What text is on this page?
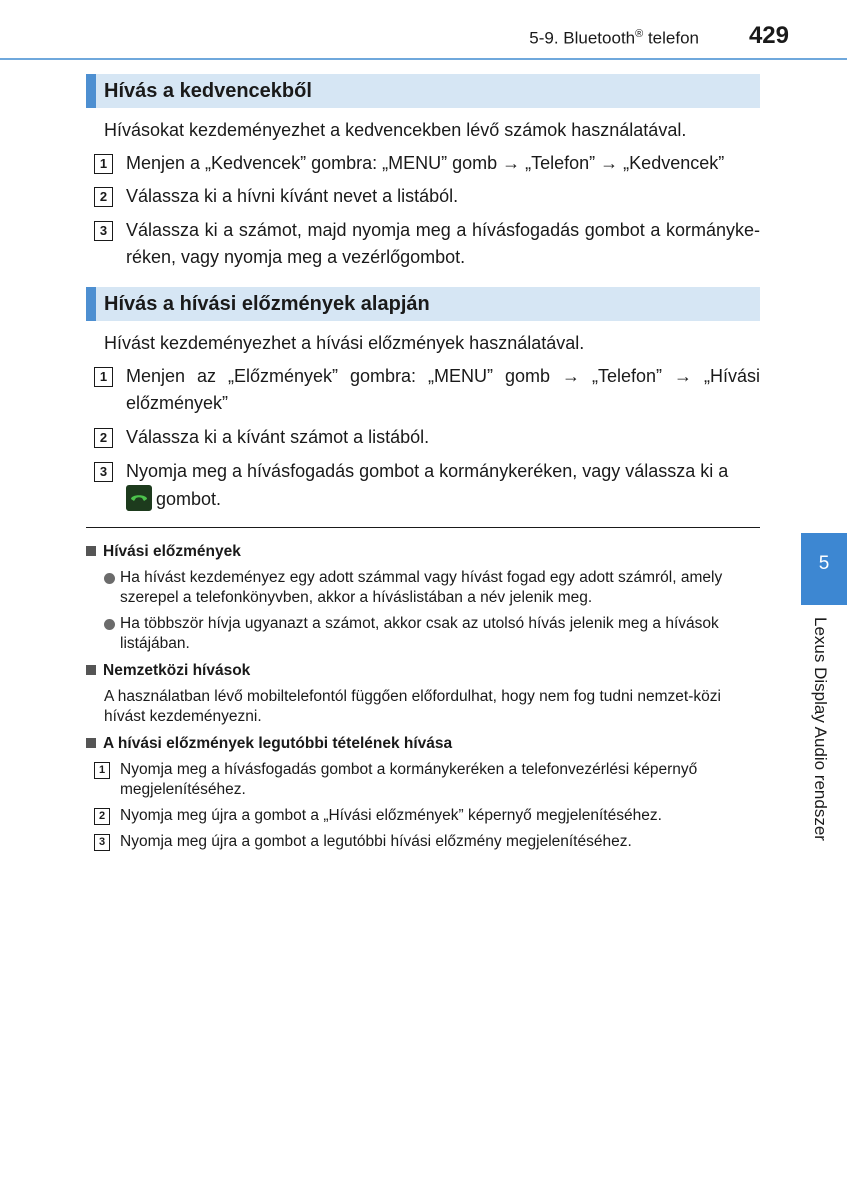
5-9. Bluetooth® telefon 429
Hívás a kedvencekből
Hívásokat kezdeményezhet a kedvencekben lévő számok használatával.
1	Menjen a „Kedvencek” gombra: „MENU” gomb → „Telefon” → „Kedvencek”
2	Válassza ki a hívni kívánt nevet a listából.
3	Válassza ki a számot, majd nyomja meg a hívásfogadás gombot a kormányke-réken, vagy nyomja meg a vezérlőgombot.
Hívás a hívási előzmények alapján
Hívást kezdeményezhet a hívási előzmények használatával.
1	Menjen az „Előzmények” gombra: „MENU” gomb → „Telefon” → „Hívási előzmények”
2	Válassza ki a kívánt számot a listából.
3	Nyomja meg a hívásfogadás gombot a kormánykeréken, vagy válassza ki a

gombot.
Hívási előzmények
Ha hívást kezdeményez egy adott számmal vagy hívást fogad egy adott számról, amely szerepel a telefonkönyvben, akkor a híváslistában a név jelenik meg.
Ha többször hívja ugyanazt a számot, akkor csak az utolsó hívás jelenik meg a hívások listájában.
Nemzetközi hívások
A használatban lévő mobiltelefontól függően előfordulhat, hogy nem fog tudni nemzet-közi hívást kezdeményezni.
A hívási előzmények legutóbbi tételének hívása
1 Nyomja meg a hívásfogadás gombot a kormánykeréken a telefonvezérlési képernyő megjelenítéséhez.
2 Nyomja meg újra a gombot a „Hívási előzmények” képernyő megjelenítéséhez.
3 Nyomja meg újra a gombot a legutóbbi hívási előzmény megjelenítéséhez.
5
Lexus Display Audio rendszer
